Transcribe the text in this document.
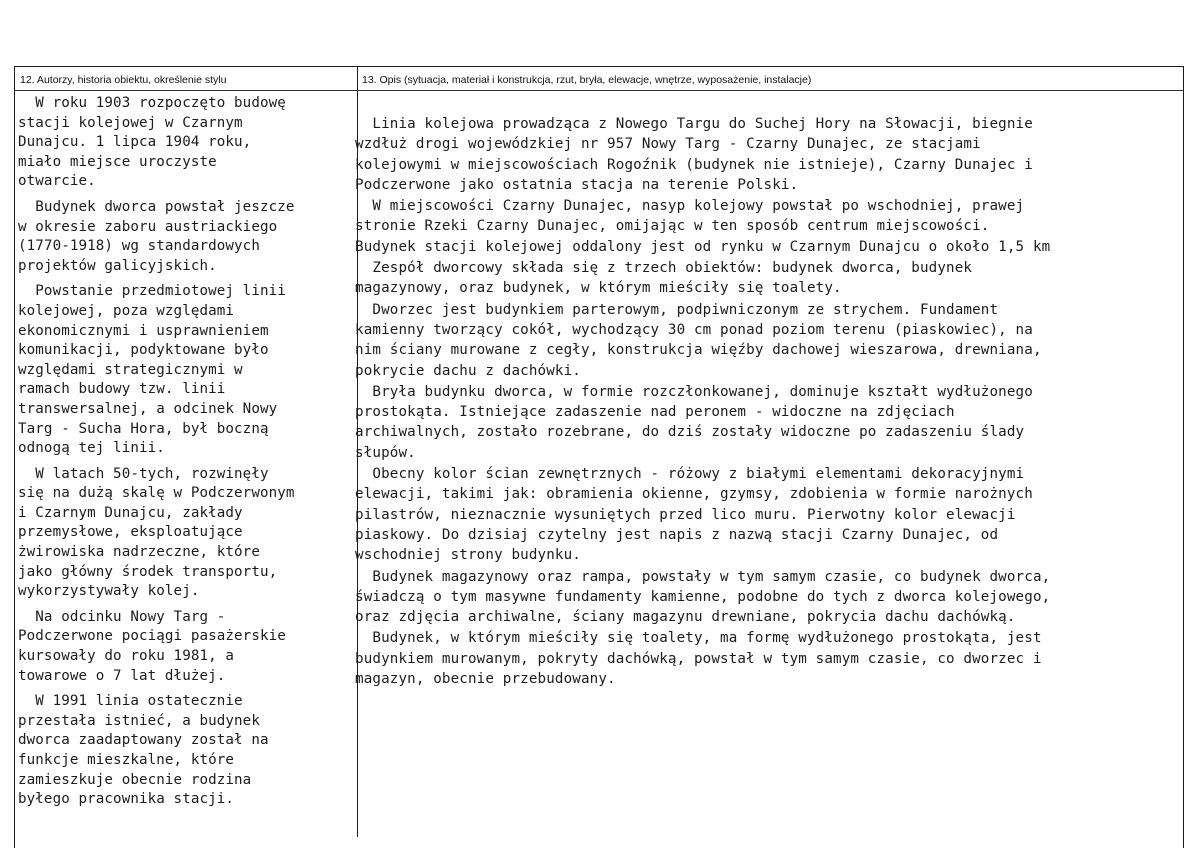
12. Autorzy, historia obiektu, określenie stylu	13. Opis (sytuacja, materiał i konstrukcja, rzut, bryła, elewacje, wnętrze, wyposażenie, instalacje)

W roku 1903 rozpoczęto budowę
stacji kolejowej w Czarnym
Dunajcu. 1 lipca 1904 roku,
miało miejsce uroczyste
otwarcie.

Budynek dworca powstał jeszcze
w okresie zaboru austriackiego
(1770-1918) wg standardowych
projektów galicyjskich.

Powstanie przedmiotowej linii
kolejowej, poza względami
ekonomicznymi i usprawnieniem
komunikacji, podyktowane było
względami strategicznymi w
ramach budowy tzw. linii
transwersalnej, a odcinek Nowy
Targ - Sucha Hora, był boczną
odnogą tej linii.

W latach 50-tych, rozwinęły
się na dużą skalę w Podczerwonym
i Czarnym Dunajcu, zakłady
przemysłowe, eksploatujące
żwirowiska nadrzeczne, które
jako główny środek transportu,
wykorzystywały kolej.

Na odcinku Nowy Targ -
Podczerwone pociągi pasażerskie
kursowały do roku 1981, a
towarowe o 7 lat dłużej.

W 1991 linia ostatecznie
przestała istnieć, a budynek
dworca zaadaptowany został na
funkcje mieszkalne, które
zamieszkuje obecnie rodzina
byłego pracownika stacji.

Linia kolejowa prowadząca z Nowego Targu do Suchej Hory na Słowacji, biegnie
wzdłuż drogi wojewódzkiej nr 957 Nowy Targ - Czarny Dunajec, ze stacjami
kolejowymi w miejscowościach Rogoźnik (budynek nie istnieje), Czarny Dunajec i
Podczerwone jako ostatnia stacja na terenie Polski.

W miejscowości Czarny Dunajec, nasyp kolejowy powstał po wschodniej, prawej
stronie Rzeki Czarny Dunajec, omijając w ten sposób centrum miejscowości.
Budynek stacji kolejowej oddalony jest od rynku w Czarnym Dunajcu o około 1,5 km

Zespół dworcowy składa się z trzech obiektów: budynek dworca, budynek
magazynowy, oraz budynek, w którym mieściły się toalety.

Dworzec jest budynkiem parterowym, podpiwniczonym ze strychem. Fundament
kamienny tworzący cokół, wychodzący 30 cm ponad poziom terenu (piaskowiec), na
nim ściany murowane z cegły, konstrukcja więźby dachowej wieszarowa, drewniana,
pokrycie dachu z dachówki.

Bryła budynku dworca, w formie rozczłonkowanej, dominuje kształt wydłużonego
prostokąta. Istniejące zadaszenie nad peronem - widoczne na zdjęciach
archiwalnych, zostało rozebrane, do dziś zostały widoczne po zadaszeniu ślady
słupów.

Obecny kolor ścian zewnętrznych - różowy z białymi elementami dekoracyjnymi
elewacji, takimi jak: obramienia okienne, gzymsy, zdobienia w formie narożnych
pilastrów, nieznacznie wysuniętych przed lico muru. Pierwotny kolor elewacji
piaskowy. Do dzisiaj czytelny jest napis z nazwą stacji Czarny Dunajec, od
wschodniej strony budynku.

Budynek magazynowy oraz rampa, powstały w tym samym czasie, co budynek dworca,
świadczą o tym masywne fundamenty kamienne, podobne do tych z dworca kolejowego,
oraz zdjęcia archiwalne, ściany magazynu drewniane, pokrycia dachu dachówką.

Budynek, w którym mieściły się toalety, ma formę wydłużonego prostokąta, jest
budynkiem murowanym, pokryty dachówką, powstał w tym samym czasie, co dworzec i
magazyn, obecnie przebudowany.
